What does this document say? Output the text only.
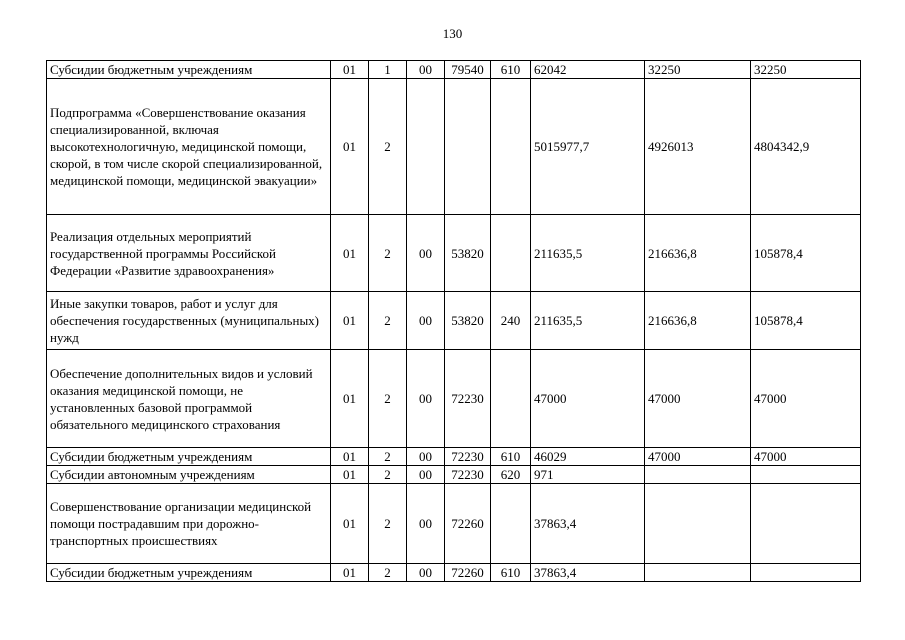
130
Субсидии бюджетным учреждениям	01	1	00	79540	610	62042	32250	32250
Подпрограмма «Совершенствование оказания специализированной, включая высокотехнологичную, медицинской помощи, скорой, в том числе скорой специализированной, медицинской помощи, медицинской эвакуации»	01	2				5015977,7	4926013	4804342,9
Реализация отдельных мероприятий государственной программы Российской Федерации «Развитие здравоохранения»	01	2	00	53820		211635,5	216636,8	105878,4
Иные закупки товаров, работ и услуг для обеспечения государственных (муниципальных) нужд	01	2	00	53820	240	211635,5	216636,8	105878,4
Обеспечение дополнительных видов и условий оказания медицинской помощи, не установленных базовой программой обязательного медицинского страхования	01	2	00	72230		47000	47000	47000
Субсидии бюджетным учреждениям	01	2	00	72230	610	46029	47000	47000
Субсидии автономным учреждениям	01	2	00	72230	620	971		
Совершенствование организации медицинской помощи пострадавшим при дорожно-транспортных происшествиях	01	2	00	72260		37863,4		
Субсидии бюджетным учреждениям	01	2	00	72260	610	37863,4		
